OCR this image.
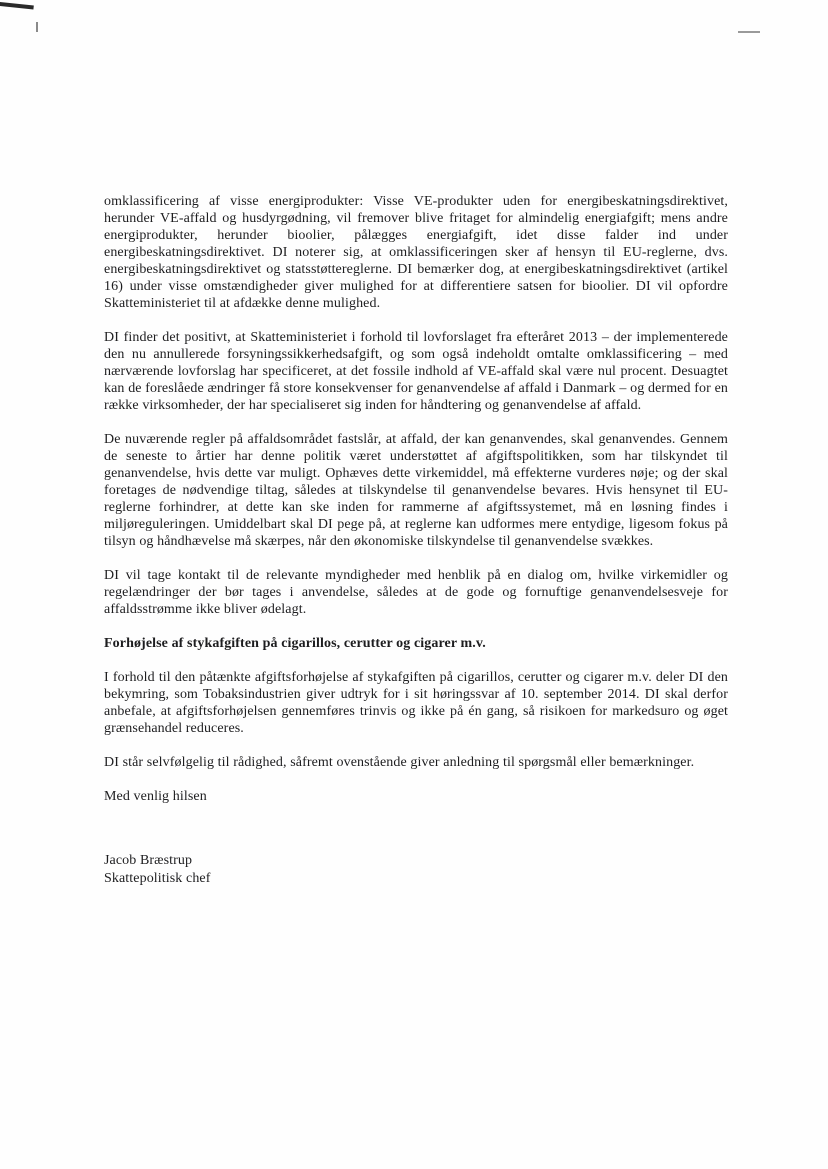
omklassificering af visse energiprodukter: Visse VE-produkter uden for energibeskatningsdirektivet, herunder VE-affald og husdyrgødning, vil fremover blive fritaget for almindelig energiafgift; mens andre energiprodukter, herunder bioolier, pålægges energiafgift, idet disse falder ind under energibeskatningsdirektivet. DI noterer sig, at omklassificeringen sker af hensyn til EU-reglerne, dvs. energibeskatningsdirektivet og statsstøttereglerne. DI bemærker dog, at energibeskatningsdirektivet (artikel 16) under visse omstændigheder giver mulighed for at differentiere satsen for bioolier. DI vil opfordre Skatteministeriet til at afdække denne mulighed.

DI finder det positivt, at Skatteministeriet i forhold til lovforslaget fra efteråret 2013 – der implementerede den nu annullerede forsyningssikkerhedsafgift, og som også indeholdt omtalte omklassificering – med nærværende lovforslag har specificeret, at det fossile indhold af VE-affald skal være nul procent. Desuagtet kan de foreslåede ændringer få store konsekvenser for genanvendelse af affald i Danmark – og dermed for en række virksomheder, der har specialiseret sig inden for håndtering og genanvendelse af affald.

De nuværende regler på affaldsområdet fastslår, at affald, der kan genanvendes, skal genanvendes. Gennem de seneste to årtier har denne politik været understøttet af afgiftspolitikken, som har tilskyndet til genanvendelse, hvis dette var muligt. Ophæves dette virkemiddel, må effekterne vurderes nøje; og der skal foretages de nødvendige tiltag, således at tilskyndelse til genanvendelse bevares. Hvis hensynet til EU-reglerne forhindrer, at dette kan ske inden for rammerne af afgiftssystemet, må en løsning findes i miljøreguleringen. Umiddelbart skal DI pege på, at reglerne kan udformes mere entydige, ligesom fokus på tilsyn og håndhævelse må skærpes, når den økonomiske tilskyndelse til genanvendelse svækkes.

DI vil tage kontakt til de relevante myndigheder med henblik på en dialog om, hvilke virkemidler og regelændringer der bør tages i anvendelse, således at de gode og fornuftige genanvendelsesveje for affaldsstrømme ikke bliver ødelagt.

Forhøjelse af stykafgiften på cigarillos, cerutter og cigarer m.v.

I forhold til den påtænkte afgiftsforhøjelse af stykafgiften på cigarillos, cerutter og cigarer m.v. deler DI den bekymring, som Tobaksindustrien giver udtryk for i sit høringssvar af 10. september 2014. DI skal derfor anbefale, at afgiftsforhøjelsen gennemføres trinvis og ikke på én gang, så risikoen for markedsuro og øget grænsehandel reduceres.

DI står selvfølgelig til rådighed, såfremt ovenstående giver anledning til spørgsmål eller bemærkninger.

Med venlig hilsen

Jacob Bræstrup
Skattepolitisk chef
